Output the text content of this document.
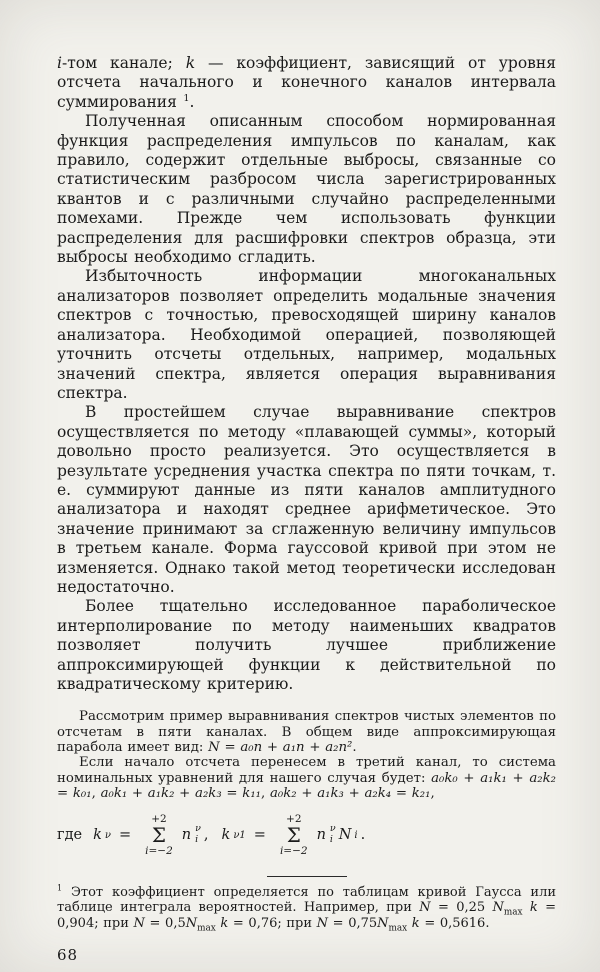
i-том канале; k — коэффициент, зависящий от уровня отсчета начального и конечного каналов интервала суммирования $^1$.

Полученная описанным способом нормированная функция распределения импульсов по каналам, как правило, содержит отдельные выбросы, связанные со статистическим разбросом числа зарегистрированных квантов и с различными случайно распределенными помехами. Прежде чем использовать функции распределения для расшифровки спектров образца, эти выбросы необходимо сгладить.

Избыточность информации многоканальных анализаторов позволяет определить модальные значения спектров с точностью, превосходящей ширину каналов анализатора. Необходимой операцией, позволяющей уточнить отсчеты отдельных, например, модальных значений спектра, является операция выравнивания спектра.

В простейшем случае выравнивание спектров осуществляется по методу «плавающей суммы», который довольно просто реализуется. Это осуществляется в результате усреднения участка спектра по пяти точкам, т. е. суммируют данные из пяти каналов амплитудного анализатора и находят среднее арифметическое. Это значение принимают за сглаженную величину импульсов в третьем канале. Форма гауссовой кривой при этом не изменяется. Однако такой метод теоретически исследован недостаточно.

Более тщательно исследованное параболическое интерполирование по методу наименьших квадратов позволяет получить лучшее приближение аппроксимирующей функции к действительной по квадратическому критерию.

Рассмотрим пример выравнивания спектров чистых элементов по отсчетам в пяти каналах. В общем виде аппроксимирующая парабола имеет вид: N = a₀n + a₁n + a₂n².

Если начало отсчета перенесем в третий канал, то система номинальных уравнений для нашего случая будет: a₀k₀ + a₁k₁ + a₂k₂ = k₀₁, a₀k₁ + a₁k₂ + a₂k₃ = k₁₁, a₀k₂ + a₁k₃ + a₂k₄ = k₂₁,

где k ν =
+2
Σ
i=−2
n ν
i , k ν1 =
+2
Σ
i=−2
n ν
i N i .

$^1$ Этот коэффициент определяется по таблицам кривой Гаусса или таблице интеграла вероятностей. Например, при N = 0,25 $N_{max}$ k = 0,904; при $N = 0,5N_{max}$ k = 0,76; при $N = 0,75N_{max}$ k = 0,5616.

68
